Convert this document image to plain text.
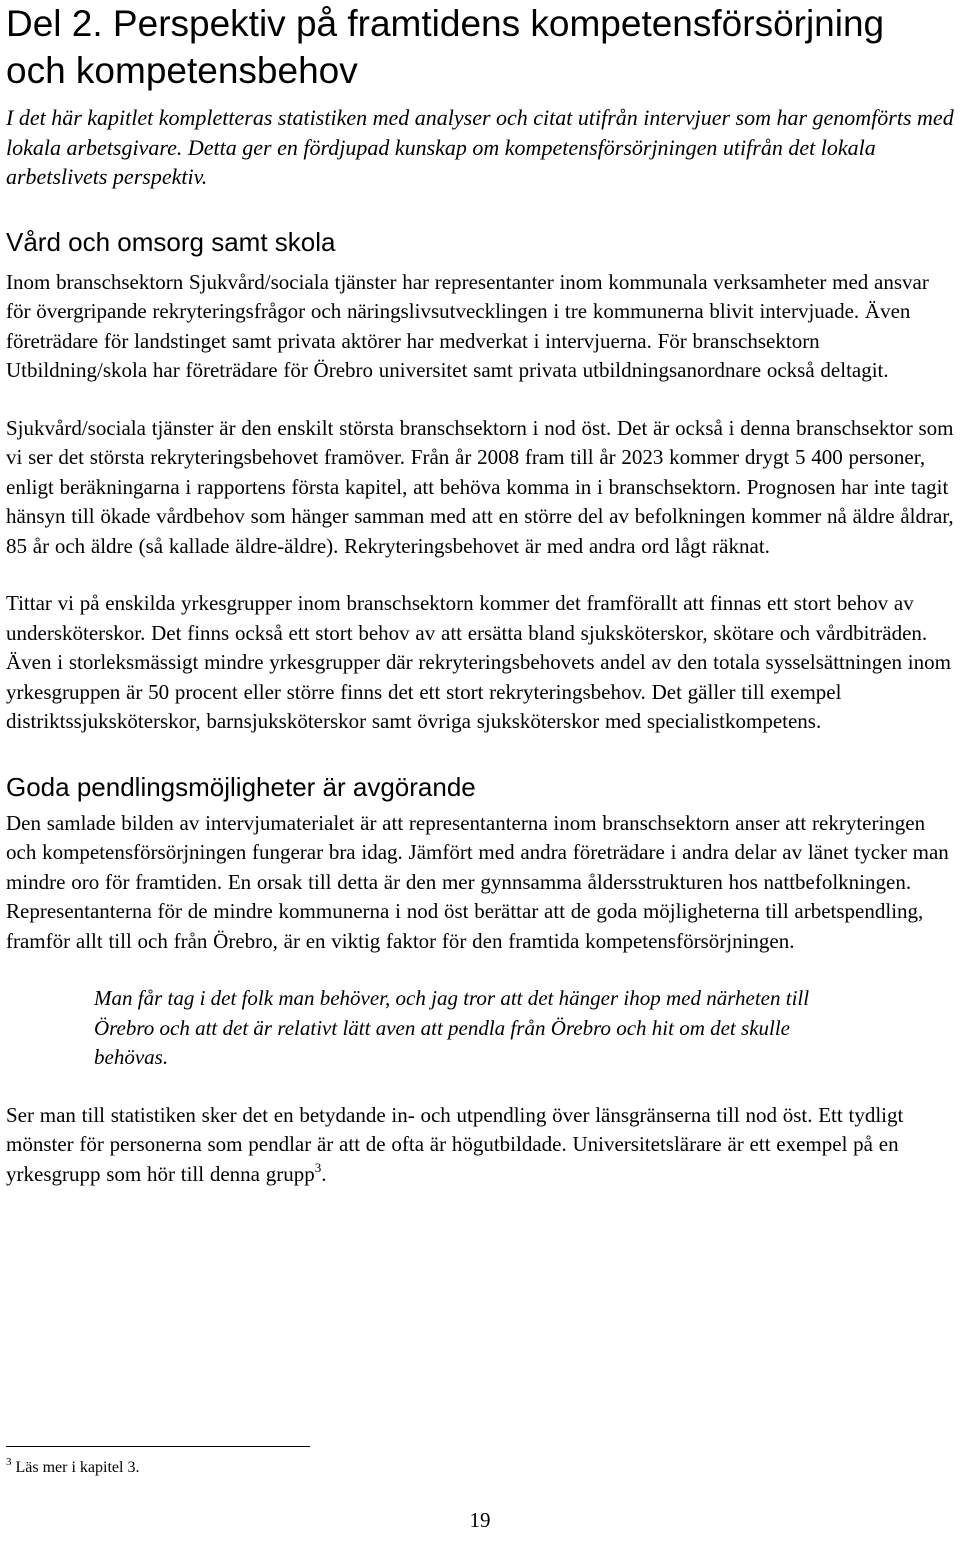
Del 2. Perspektiv på framtidens kompetensförsörjning och kompetensbehov

I det här kapitlet kompletteras statistiken med analyser och citat utifrån intervjuer som har genomförts med lokala arbetsgivare. Detta ger en fördjupad kunskap om kompetensförsörjningen utifrån det lokala arbetslivets perspektiv.

Vård och omsorg samt skola

Inom branschsektorn Sjukvård/sociala tjänster har representanter inom kommunala verksamheter med ansvar för övergripande rekryteringsfrågor och näringslivsutvecklingen i tre kommunerna blivit intervjuade. Även företrädare för landstinget samt privata aktörer har medverkat i intervjuerna. För branschsektorn Utbildning/skola har företrädare för Örebro universitet samt privata utbildningsanordnare också deltagit.

Sjukvård/sociala tjänster är den enskilt största branschsektorn i nod öst. Det är också i denna branschsektor som vi ser det största rekryteringsbehovet framöver. Från år 2008 fram till år 2023 kommer drygt 5 400 personer, enligt beräkningarna i rapportens första kapitel, att behöva komma in i branschsektorn. Prognosen har inte tagit hänsyn till ökade vårdbehov som hänger samman med att en större del av befolkningen kommer nå äldre åldrar, 85 år och äldre (så kallade äldre-äldre). Rekryteringsbehovet är med andra ord lågt räknat.

Tittar vi på enskilda yrkesgrupper inom branschsektorn kommer det framförallt att finnas ett stort behov av undersköterskor. Det finns också ett stort behov av att ersätta bland sjuksköterskor, skötare och vårdbiträden. Även i storleksmässigt mindre yrkesgrupper där rekryteringsbehovets andel av den totala sysselsättningen inom yrkesgruppen är 50 procent eller större finns det ett stort rekryteringsbehov. Det gäller till exempel distriktssjuksköterskor, barnsjuksköterskor samt övriga sjuksköterskor med specialistkompetens.

Goda pendlingsmöjligheter är avgörande

Den samlade bilden av intervjumaterialet är att representanterna inom branschsektorn anser att rekryteringen och kompetensförsörjningen fungerar bra idag. Jämfört med andra företrädare i andra delar av länet tycker man mindre oro för framtiden. En orsak till detta är den mer gynnsamma åldersstrukturen hos nattbefolkningen. Representanterna för de mindre kommunerna i nod öst berättar att de goda möjligheterna till arbetspendling, framför allt till och från Örebro, är en viktig faktor för den framtida kompetensförsörjningen.

Man får tag i det folk man behöver, och jag tror att det hänger ihop med närheten till Örebro och att det är relativt lätt aven att pendla från Örebro och hit om det skulle behövas.

Ser man till statistiken sker det en betydande in- och utpendling över länsgränserna till nod öst. Ett tydligt mönster för personerna som pendlar är att de ofta är högutbildade. Universitetslärare är ett exempel på en yrkesgrupp som hör till denna grupp$^3$.

$^3$ Läs mer i kapitel 3.
19
